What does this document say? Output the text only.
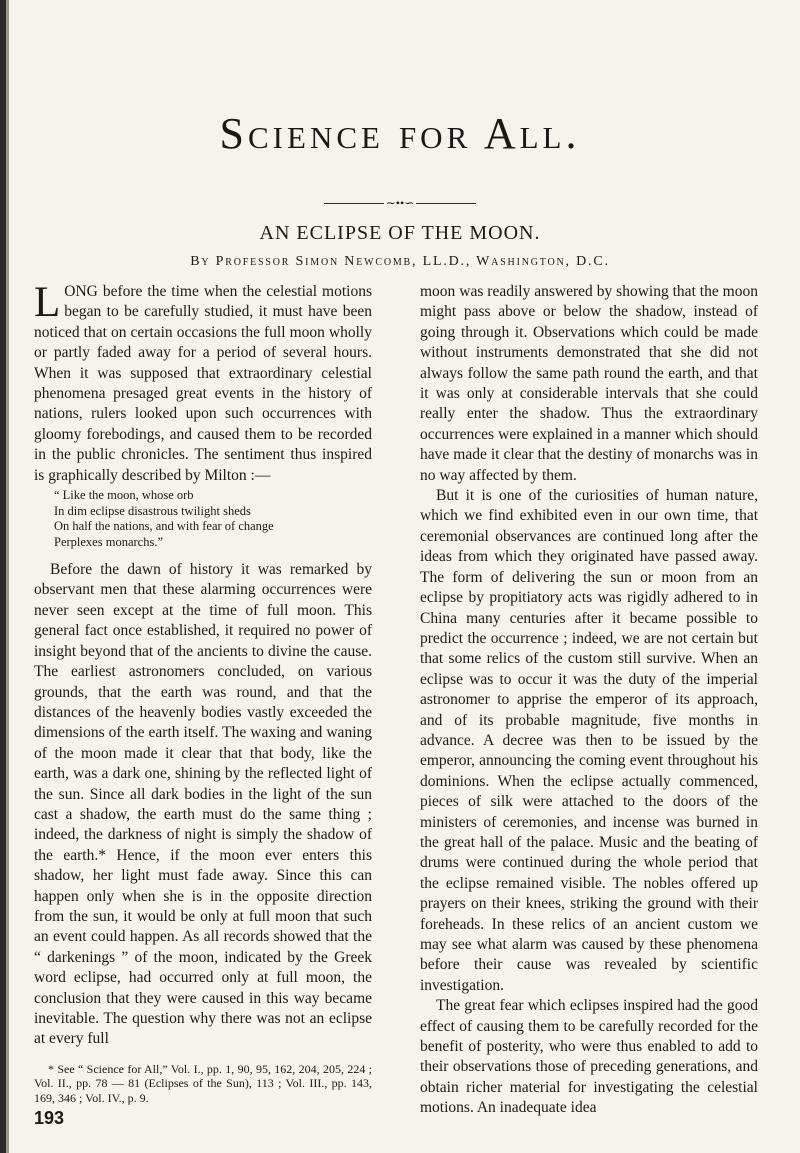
Science for All.
∼••∽
AN ECLIPSE OF THE MOON.
By Professor Simon Newcomb, LL.D., Washington, D.C.

LONG before the time when the celestial motions began to be carefully studied, it must have been noticed that on certain occasions the full moon wholly or partly faded away for a period of several hours. When it was supposed that extraordinary celestial phenomena presaged great events in the history of nations, rulers looked upon such occurrences with gloomy forebodings, and caused them to be recorded in the public chronicles. The sentiment thus inspired is graphically described by Milton :—

“ Like the moon, whose orb
In dim eclipse disastrous twilight sheds
On half the nations, and with fear of change
Perplexes monarchs.”

Before the dawn of history it was remarked by observant men that these alarming occurrences were never seen except at the time of full moon. This general fact once established, it required no power of insight beyond that of the ancients to divine the cause. The earliest astronomers concluded, on various grounds, that the earth was round, and that the distances of the heavenly bodies vastly exceeded the dimensions of the earth itself. The waxing and waning of the moon made it clear that that body, like the earth, was a dark one, shining by the reflected light of the sun. Since all dark bodies in the light of the sun cast a shadow, the earth must do the same thing ; indeed, the darkness of night is simply the shadow of the earth.* Hence, if the moon ever enters this shadow, her light must fade away. Since this can happen only when she is in the opposite direction from the sun, it would be only at full moon that such an event could happen. As all records showed that the “ darkenings ” of the moon, indicated by the Greek word eclipse, had occurred only at full moon, the conclusion that they were caused in this way became inevitable. The question why there was not an eclipse at every full

* See “ Science for All,” Vol. I., pp. 1, 90, 95, 162, 204, 205, 224 ; Vol. II., pp. 78 — 81 (Eclipses of the Sun), 113 ; Vol. III., pp. 143, 169, 346 ; Vol. IV., p. 9.
193

moon was readily answered by showing that the moon might pass above or below the shadow, instead of going through it. Observations which could be made without instruments demonstrated that she did not always follow the same path round the earth, and that it was only at considerable intervals that she could really enter the shadow. Thus the extraordinary occurrences were explained in a manner which should have made it clear that the destiny of monarchs was in no way affected by them.

But it is one of the curiosities of human nature, which we find exhibited even in our own time, that ceremonial observances are continued long after the ideas from which they originated have passed away. The form of delivering the sun or moon from an eclipse by propitiatory acts was rigidly adhered to in China many centuries after it became possible to predict the occurrence ; indeed, we are not certain but that some relics of the custom still survive. When an eclipse was to occur it was the duty of the imperial astronomer to apprise the emperor of its approach, and of its probable magnitude, five months in advance. A decree was then to be issued by the emperor, announcing the coming event throughout his dominions. When the eclipse actually commenced, pieces of silk were attached to the doors of the ministers of ceremonies, and incense was burned in the great hall of the palace. Music and the beating of drums were continued during the whole period that the eclipse remained visible. The nobles offered up prayers on their knees, striking the ground with their foreheads. In these relics of an ancient custom we may see what alarm was caused by these phenomena before their cause was revealed by scientific investigation.

The great fear which eclipses inspired had the good effect of causing them to be carefully recorded for the benefit of posterity, who were thus enabled to add to their observations those of preceding generations, and obtain richer material for investigating the celestial motions. An inadequate idea
